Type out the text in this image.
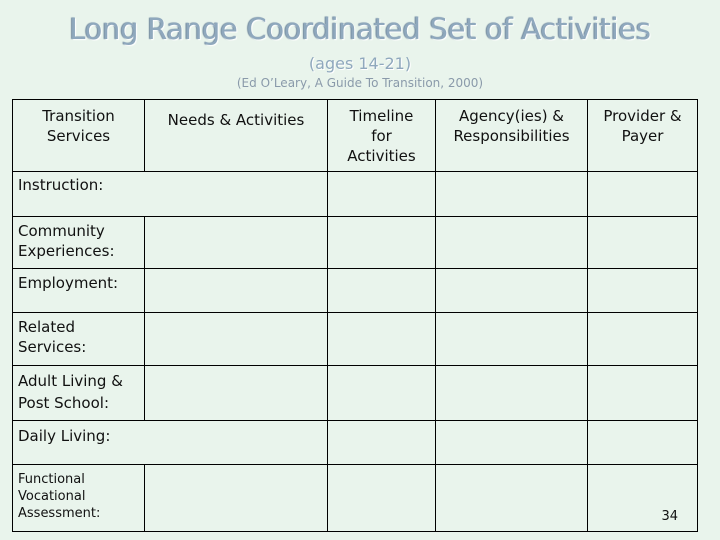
Long Range Coordinated Set of Activities
(ages 14-21)
(Ed O’Leary, A Guide To Transition, 2000)
Transition Services	Needs & Activities	Timeline for Activities	Agency(ies) & Responsibilities	Provider & Payer
Instruction:				
Community Experiences:				
Employment:				
Related Services:				
Adult Living & Post School:				
Daily Living:				
Functional Vocational Assessment:					34
